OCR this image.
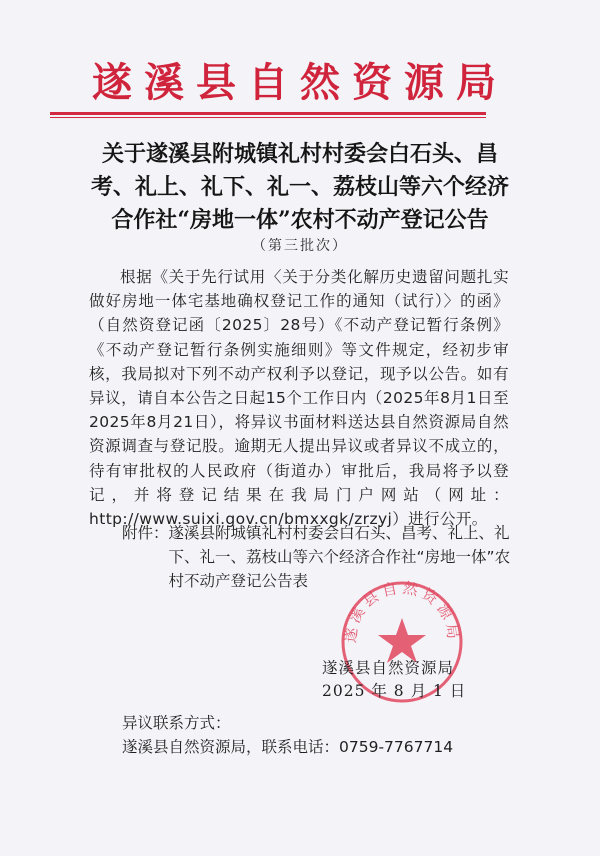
遂溪县自然资源局
关于遂溪县附城镇礼村村委会白石头、昌
考、礼上、礼下、礼一、荔枝山等六个经济
合作社“房地一体”农村不动产登记公告
（第三批次）
根据《关于先行试用〈关于分类化解历史遗留问题扎实做好房地一体宅基地确权登记工作的通知（试行）〉的函》（自然资登记函〔2025〕28号）《不动产登记暂行条例》《不动产登记暂行条例实施细则》等文件规定，经初步审核，我局拟对下列不动产权利予以登记，现予以公告。如有异议，请自本公告之日起15个工作日内（2025年8月1日至2025年8月21日），将异议书面材料送达县自然资源局自然资源调查与登记股。逾期无人提出异议或者异议不成立的，待有审批权的人民政府（街道办）审批后，我局将予以登记，并将登记结果在我局门户网站（网址：http://www.suixi.gov.cn/bmxxgk/zrzyj）进行公开。
附件： 遂溪县附城镇礼村村委会白石头、昌考、礼上、礼下、礼一、荔枝山等六个经济合作社“房地一体”农村不动产登记公告表
遂溪县自然资源局
遂溪县自然资源局
2025 年 8 月 1 日
异议联系方式：
遂溪县自然资源局，联系电话：0759-7767714
